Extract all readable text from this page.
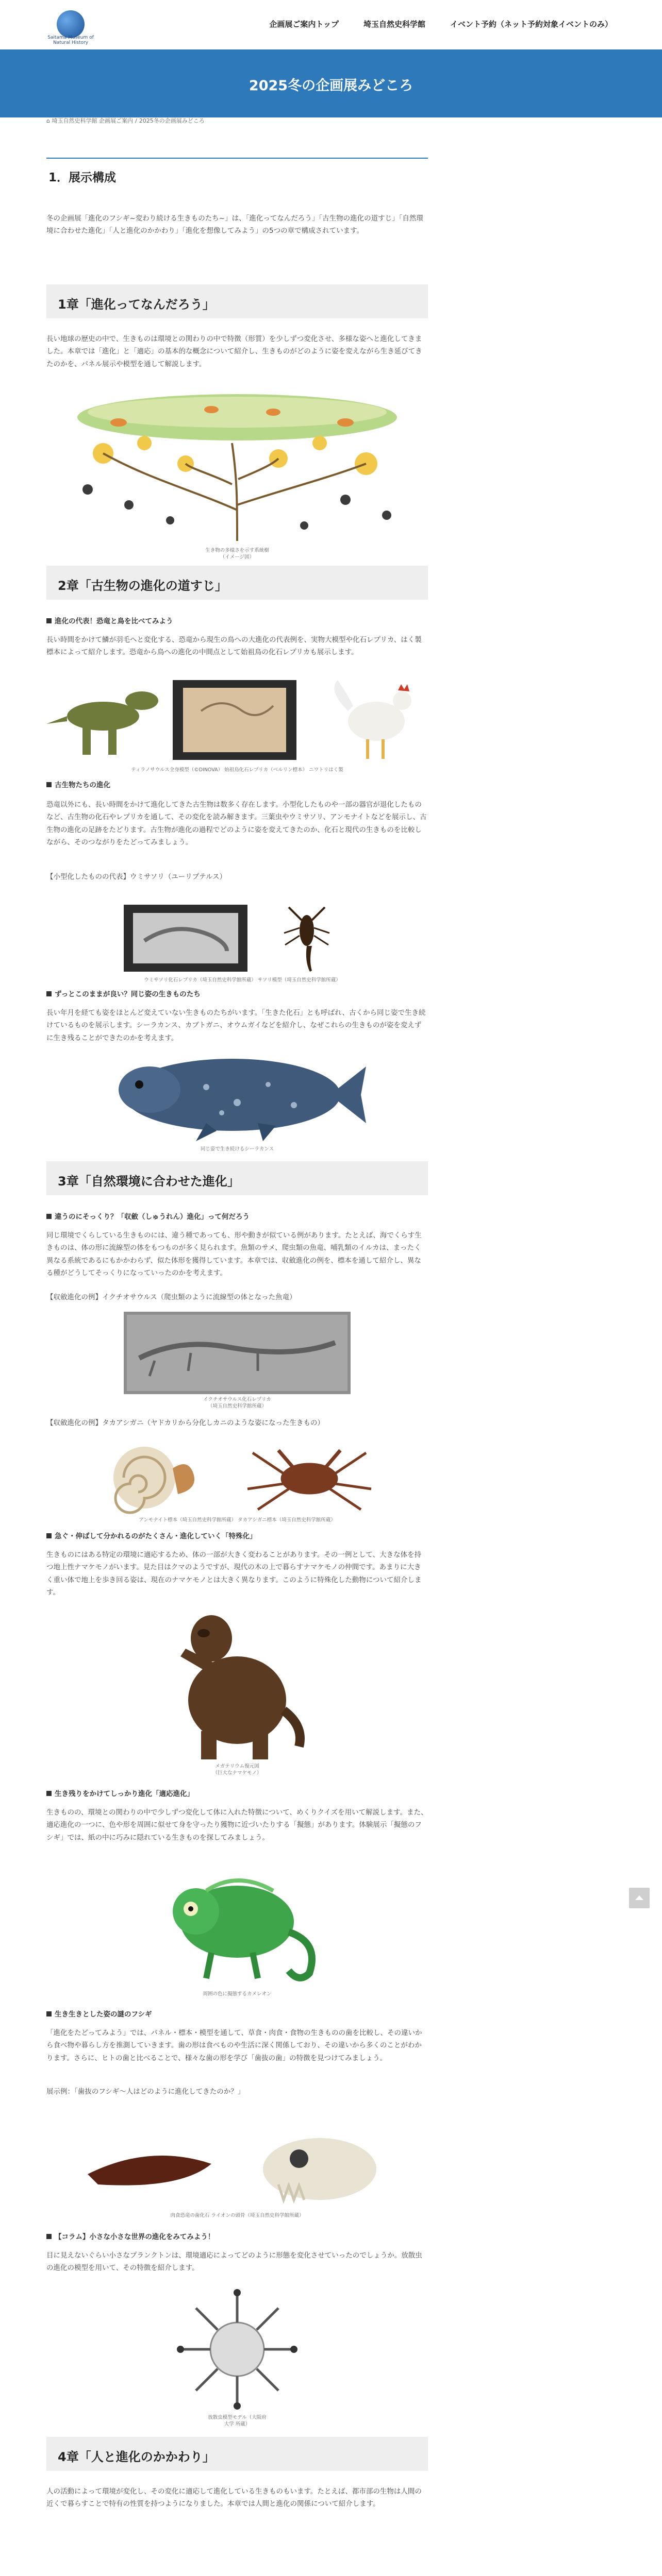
Saitama Museum of Natural History
企画展ご案内トップ	埼玉自然史科学館	イベント予約（ネット予約対象イベントのみ）
2025冬の企画展みどころ
⌂ 埼玉自然史科学館 企画展ご案内 / 2025冬の企画展みどころ
1．展示構成
冬の企画展「進化のフシギ~変わり続ける生きものたち~」は、「進化ってなんだろう」「古生物の進化の道すじ」「自然環境に合わせた進化」「人と進化のかかわり」「進化を想像してみよう」の5つの章で構成されています。
1章「進化ってなんだろう」
長い地球の歴史の中で、生きものは環境との関わりの中で特徴（形質）を少しずつ変化させ、多様な姿へと進化してきました。本章では「進化」と「適応」の基本的な概念について紹介し、生きものがどのように姿を変えながら生き延びてきたのかを、パネル展示や模型を通して解説します。
生き物の多様さを示す系統樹
（イメージ図）
2章「古生物の進化の道すじ」
進化の代表！恐竜と鳥を比べてみよう
長い時間をかけて鱗が羽毛へと変化する、恐竜から現生の鳥への大進化の代表例を、実物大模型や化石レプリカ、はく製標本によって紹介します。恐竜から鳥への進化の中間点として始祖鳥の化石レプリカも展示します。
ティラノサウルス全身模型（©DINOVA） 始祖鳥化石レプリカ（ベルリン標本） ニワトリはく製
古生物たちの進化
恐竜以外にも、長い時間をかけて進化してきた古生物は数多く存在します。小型化したものや一部の器官が退化したものなど、古生物の化石やレプリカを通して、その変化を読み解きます。三葉虫やウミサソリ、アンモナイトなどを展示し、古生物の進化の足跡をたどります。古生物が進化の過程でどのように姿を変えてきたのか、化石と現代の生きものを比較しながら、そのつながりをたどってみましょう。
【小型化したものの代表】ウミサソリ（ユーリプテルス）
ウミサソリ化石レプリカ（埼玉自然史科学館所蔵） サソリ模型（埼玉自然史科学館所蔵）
ずっとこのままが良い？同じ姿の生きものたち
長い年月を経ても姿をほとんど変えていない生きものたちがいます。「生きた化石」とも呼ばれ、古くから同じ姿で生き続けているものを展示します。シーラカンス、カブトガニ、オウムガイなどを紹介し、なぜこれらの生きものが姿を変えずに生き残ることができたのかを考えます。
同じ姿で生き続けるシーラカンス
3章「自然環境に合わせた進化」
違うのにそっくり？「収斂（しゅうれん）進化」って何だろう
同じ環境でくらしている生きものには、違う種であっても、形や動きが似ている例があります。たとえば、海でくらす生きものは、体の形に流線型の体をもつものが多く見られます。魚類のサメ、爬虫類の魚竜、哺乳類のイルカは、まったく異なる系統であるにもかかわらず、似た体形を獲得しています。本章では、収斂進化の例を、標本を通して紹介し、異なる種がどうしてそっくりになっていったのかを考えます。
【収斂進化の例】イクチオサウルス（爬虫類のように流線型の体となった魚竜）
イクチオサウルス化石レプリカ
（埼玉自然史科学館所蔵）
【収斂進化の例】タカアシガニ（ヤドカリから分化しカニのような姿になった生きもの）
アンモナイト標本（埼玉自然史科学館所蔵） タカアシガニ標本（埼玉自然史科学館所蔵）
急ぐ・伸ばして分かれるのがたくさん・進化していく「特殊化」
生きものにはある特定の環境に適応するため、体の一部が大きく変わることがあります。その一例として、大きな体を持つ地上性ナマケモノがいます。見た目はクマのようですが、現代の木の上で暮らすナマケモノの仲間です。あまりに大きく重い体で地上を歩き回る姿は、現在のナマケモノとは大きく異なります。このように特殊化した動物について紹介します。
メガテリウム復元図
（巨大なナマケモノ）
生き残りをかけてしっかり進化「適応進化」
生きものの、環境との関わりの中で少しずつ変化して体に入れた特徴について、めくりクイズを用いて解説します。また、適応進化の一つに、色や形を周囲に似せて身を守ったり獲物に近づいたりする「擬態」があります。体験展示「擬態のフシギ」では、紙の中に巧みに隠れている生きものを探してみましょう。
周囲の色に擬態するカメレオン
生き生きとした姿の謎のフシギ
「進化をたどってみよう」では、パネル・標本・模型を通して、草食・肉食・食物の生きものの歯を比較し、その違いから食べ物や暮らし方を推測していきます。歯の形は食べものや生活に深く関係しており、その違いから多くのことがわかります。さらに、ヒトの歯と比べることで、様々な歯の形を学び「歯抜の歯」の特徴を見つけてみましょう。
展示例：「歯抜のフシギ～人はどのように進化してきたのか？」
肉食恐竜の歯化石 ライオンの頭骨（埼玉自然史科学館所蔵）
【コラム】小さな小さな世界の進化をみてみよう！
目に見えないぐらい小さなプランクトンは、環境適応によってどのように形態を変化させていったのでしょうか。放散虫の進化の模型を用いて、その特徴を紹介します。
放散虫模型モデル（大阪府
大学 所蔵）
4章「人と進化のかかわり」
人の活動によって環境が変化し、その変化に適応して進化している生きものもいます。たとえば、都市部の生物は人間の近くで暮らすことで特有の性質を持つようになりました。本章では人間と進化の関係について紹介します。
